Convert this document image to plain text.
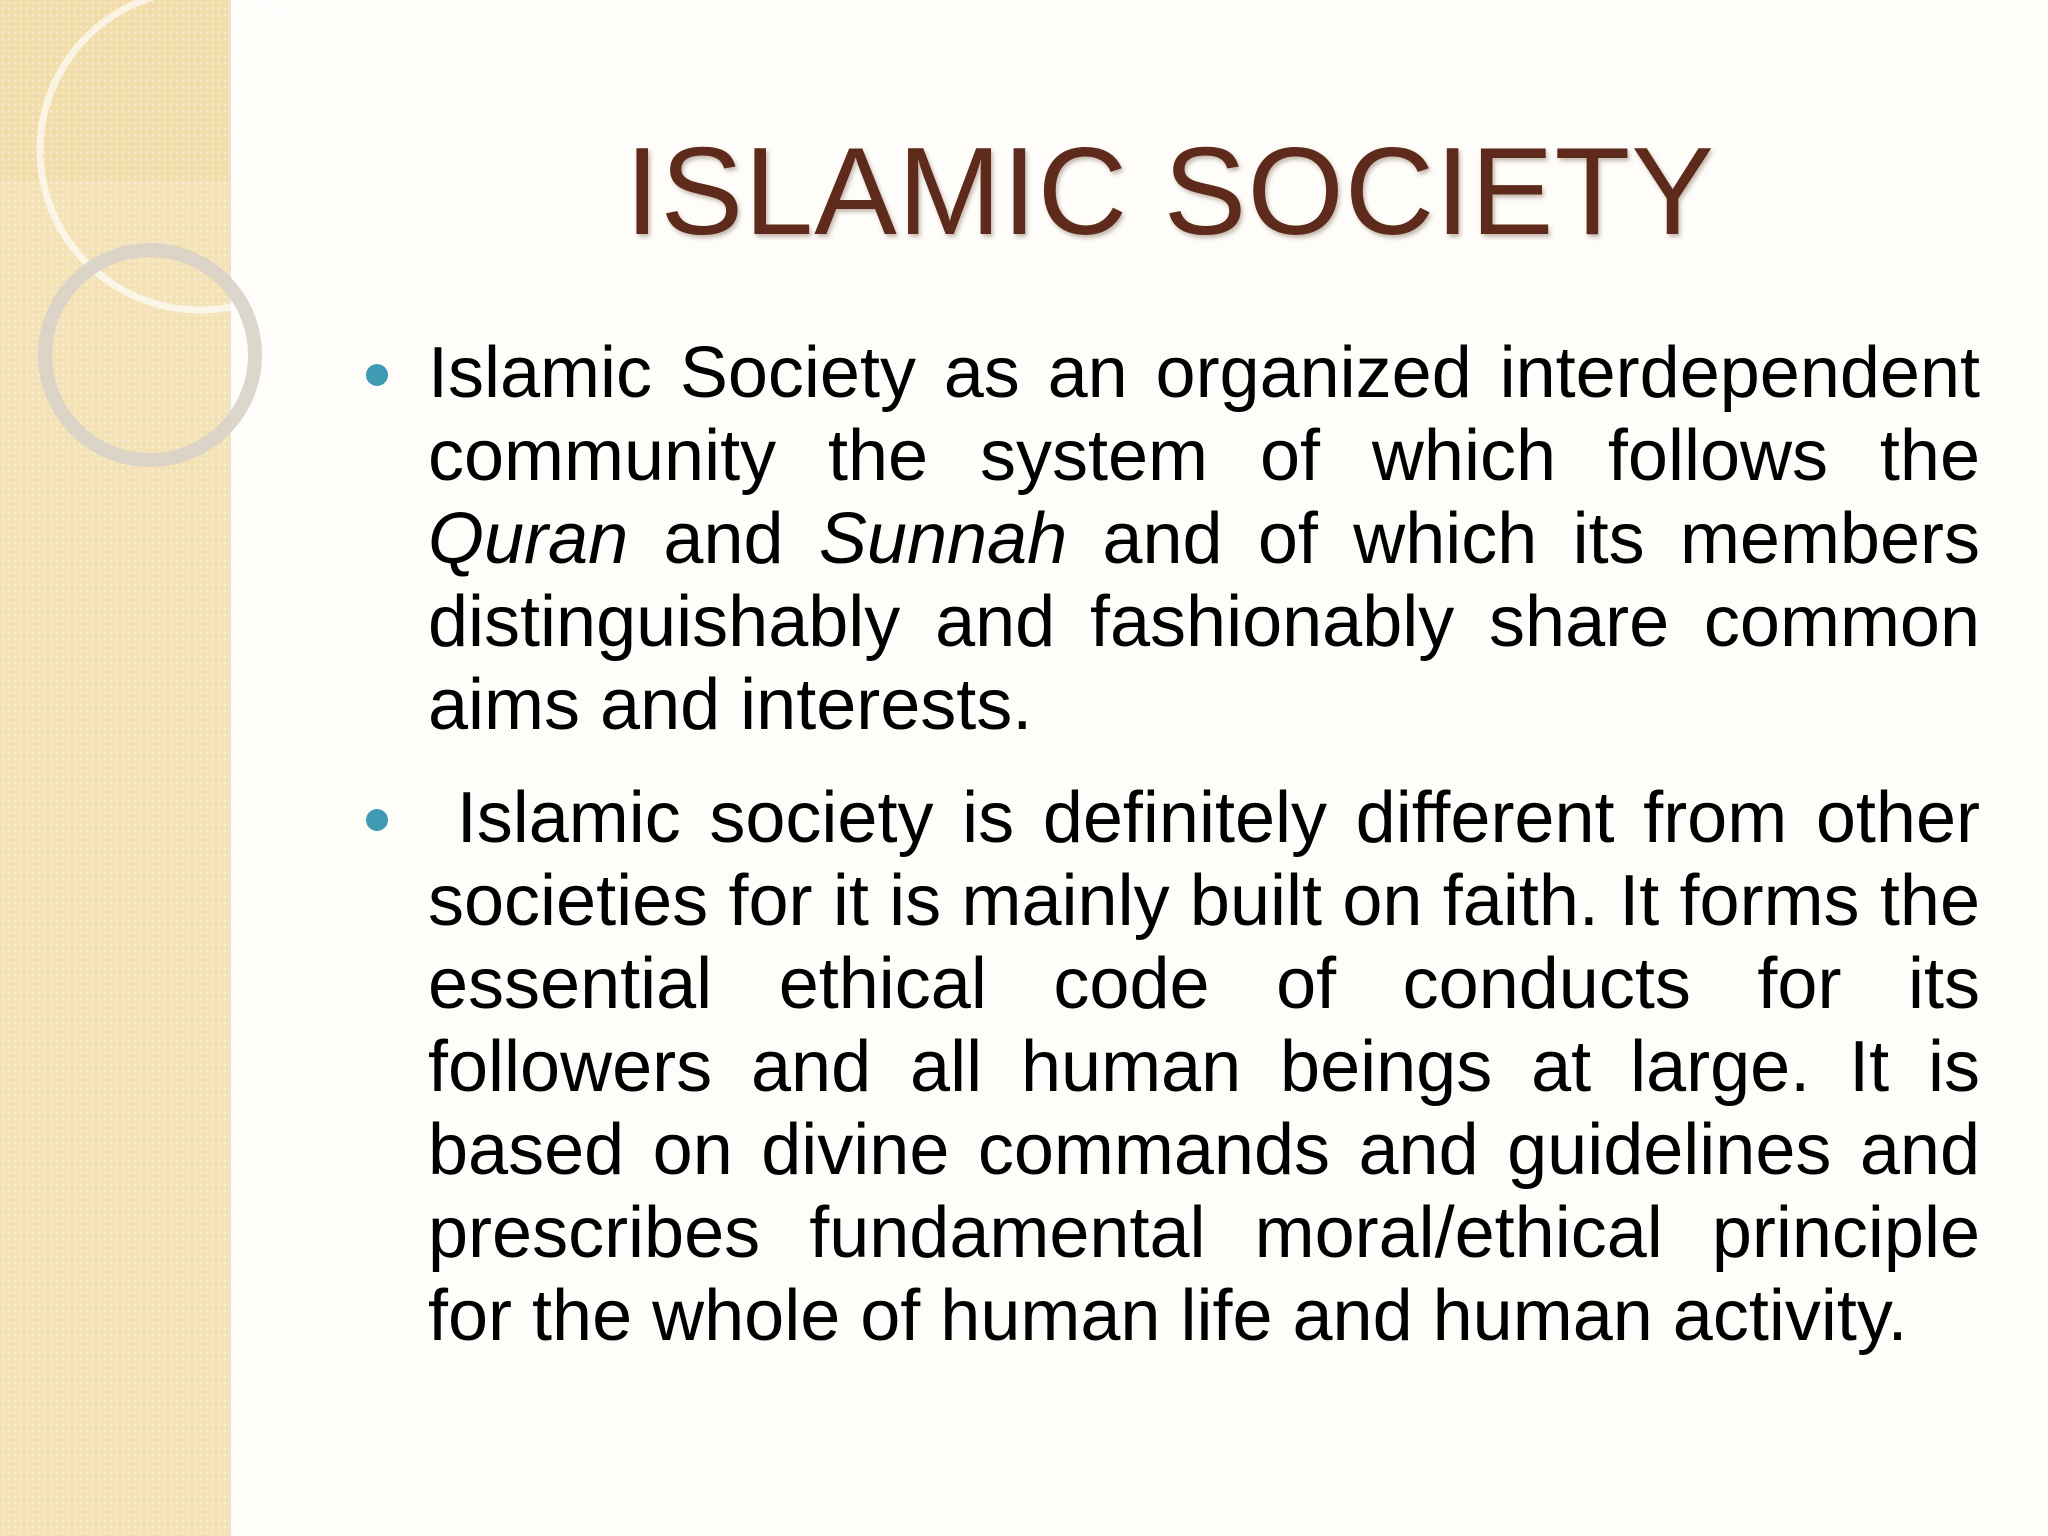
ISLAMIC SOCIETY
Islamic Society as an organized interdependent community the system of which follows the Quran and Sunnah and of which its members distinguishably and fashionably share common aims and interests.
Islamic society is definitely different from other societies for it is mainly built on faith. It forms the essential ethical code of conducts for its followers and all human beings at large. It is based on divine commands and guidelines and prescribes fundamental moral/ethical principle for the whole of human life and human activity.
